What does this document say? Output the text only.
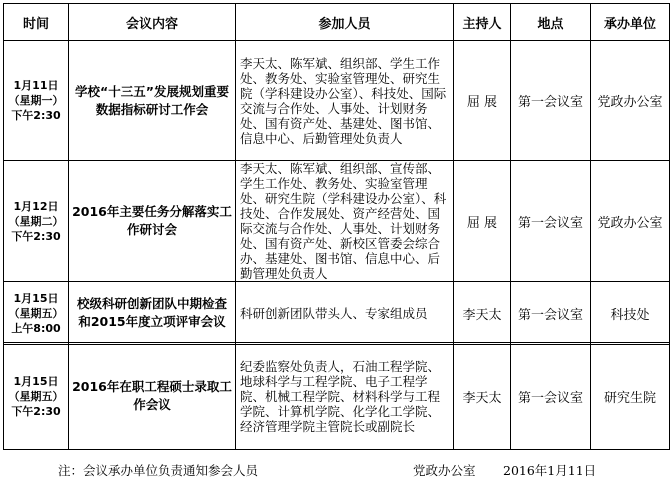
时间	会议内容	参加人员	主持人	地点	承办单位

1月11日
（星期一）
下午2:30	学校“十三五”发展规划重要数据指标研讨工作会	李天太、陈军斌、组织部、学生工作处、教务处、实验室管理处、研究生院（学科建设办公室）、科技处、国际交流与合作处、人事处、计划财务处、国有资产处、基建处、图书馆、信息中心、后勤管理处负责人	屈 展	第一会议室	党政办公室

1月12日
（星期二）
下午2:30	2016年主要任务分解落实工作研讨会	李天太、陈军斌、组织部、宣传部、学生工作处、教务处、实验室管理处、研究生院（学科建设办公室）、科技处、合作发展处、资产经营处、国际交流与合作处、人事处、计划财务处、国有资产处、新校区管委会综合办、基建处、图书馆、信息中心、后勤管理处负责人	屈 展	第一会议室	党政办公室

1月15日
（星期五）
上午8:00	校级科研创新团队中期检查和2015年度立项评审会议	科研创新团队带头人、专家组成员	李天太	第一会议室	科技处
1月15日
（星期五）
下午2:30
	2016年在职工程硕士录取工作会议	纪委监察处负责人，石油工程学院、地球科学与工程学院、电子工程学院、机械工程学院、材料科学与工程学院、计算机学院、化学化工学院、经济管理学院主管院长或副院长	李天太	第一会议室	研究生院
注：会议承办单位负责通知参会人员	党政办公室 2016年1月11日
